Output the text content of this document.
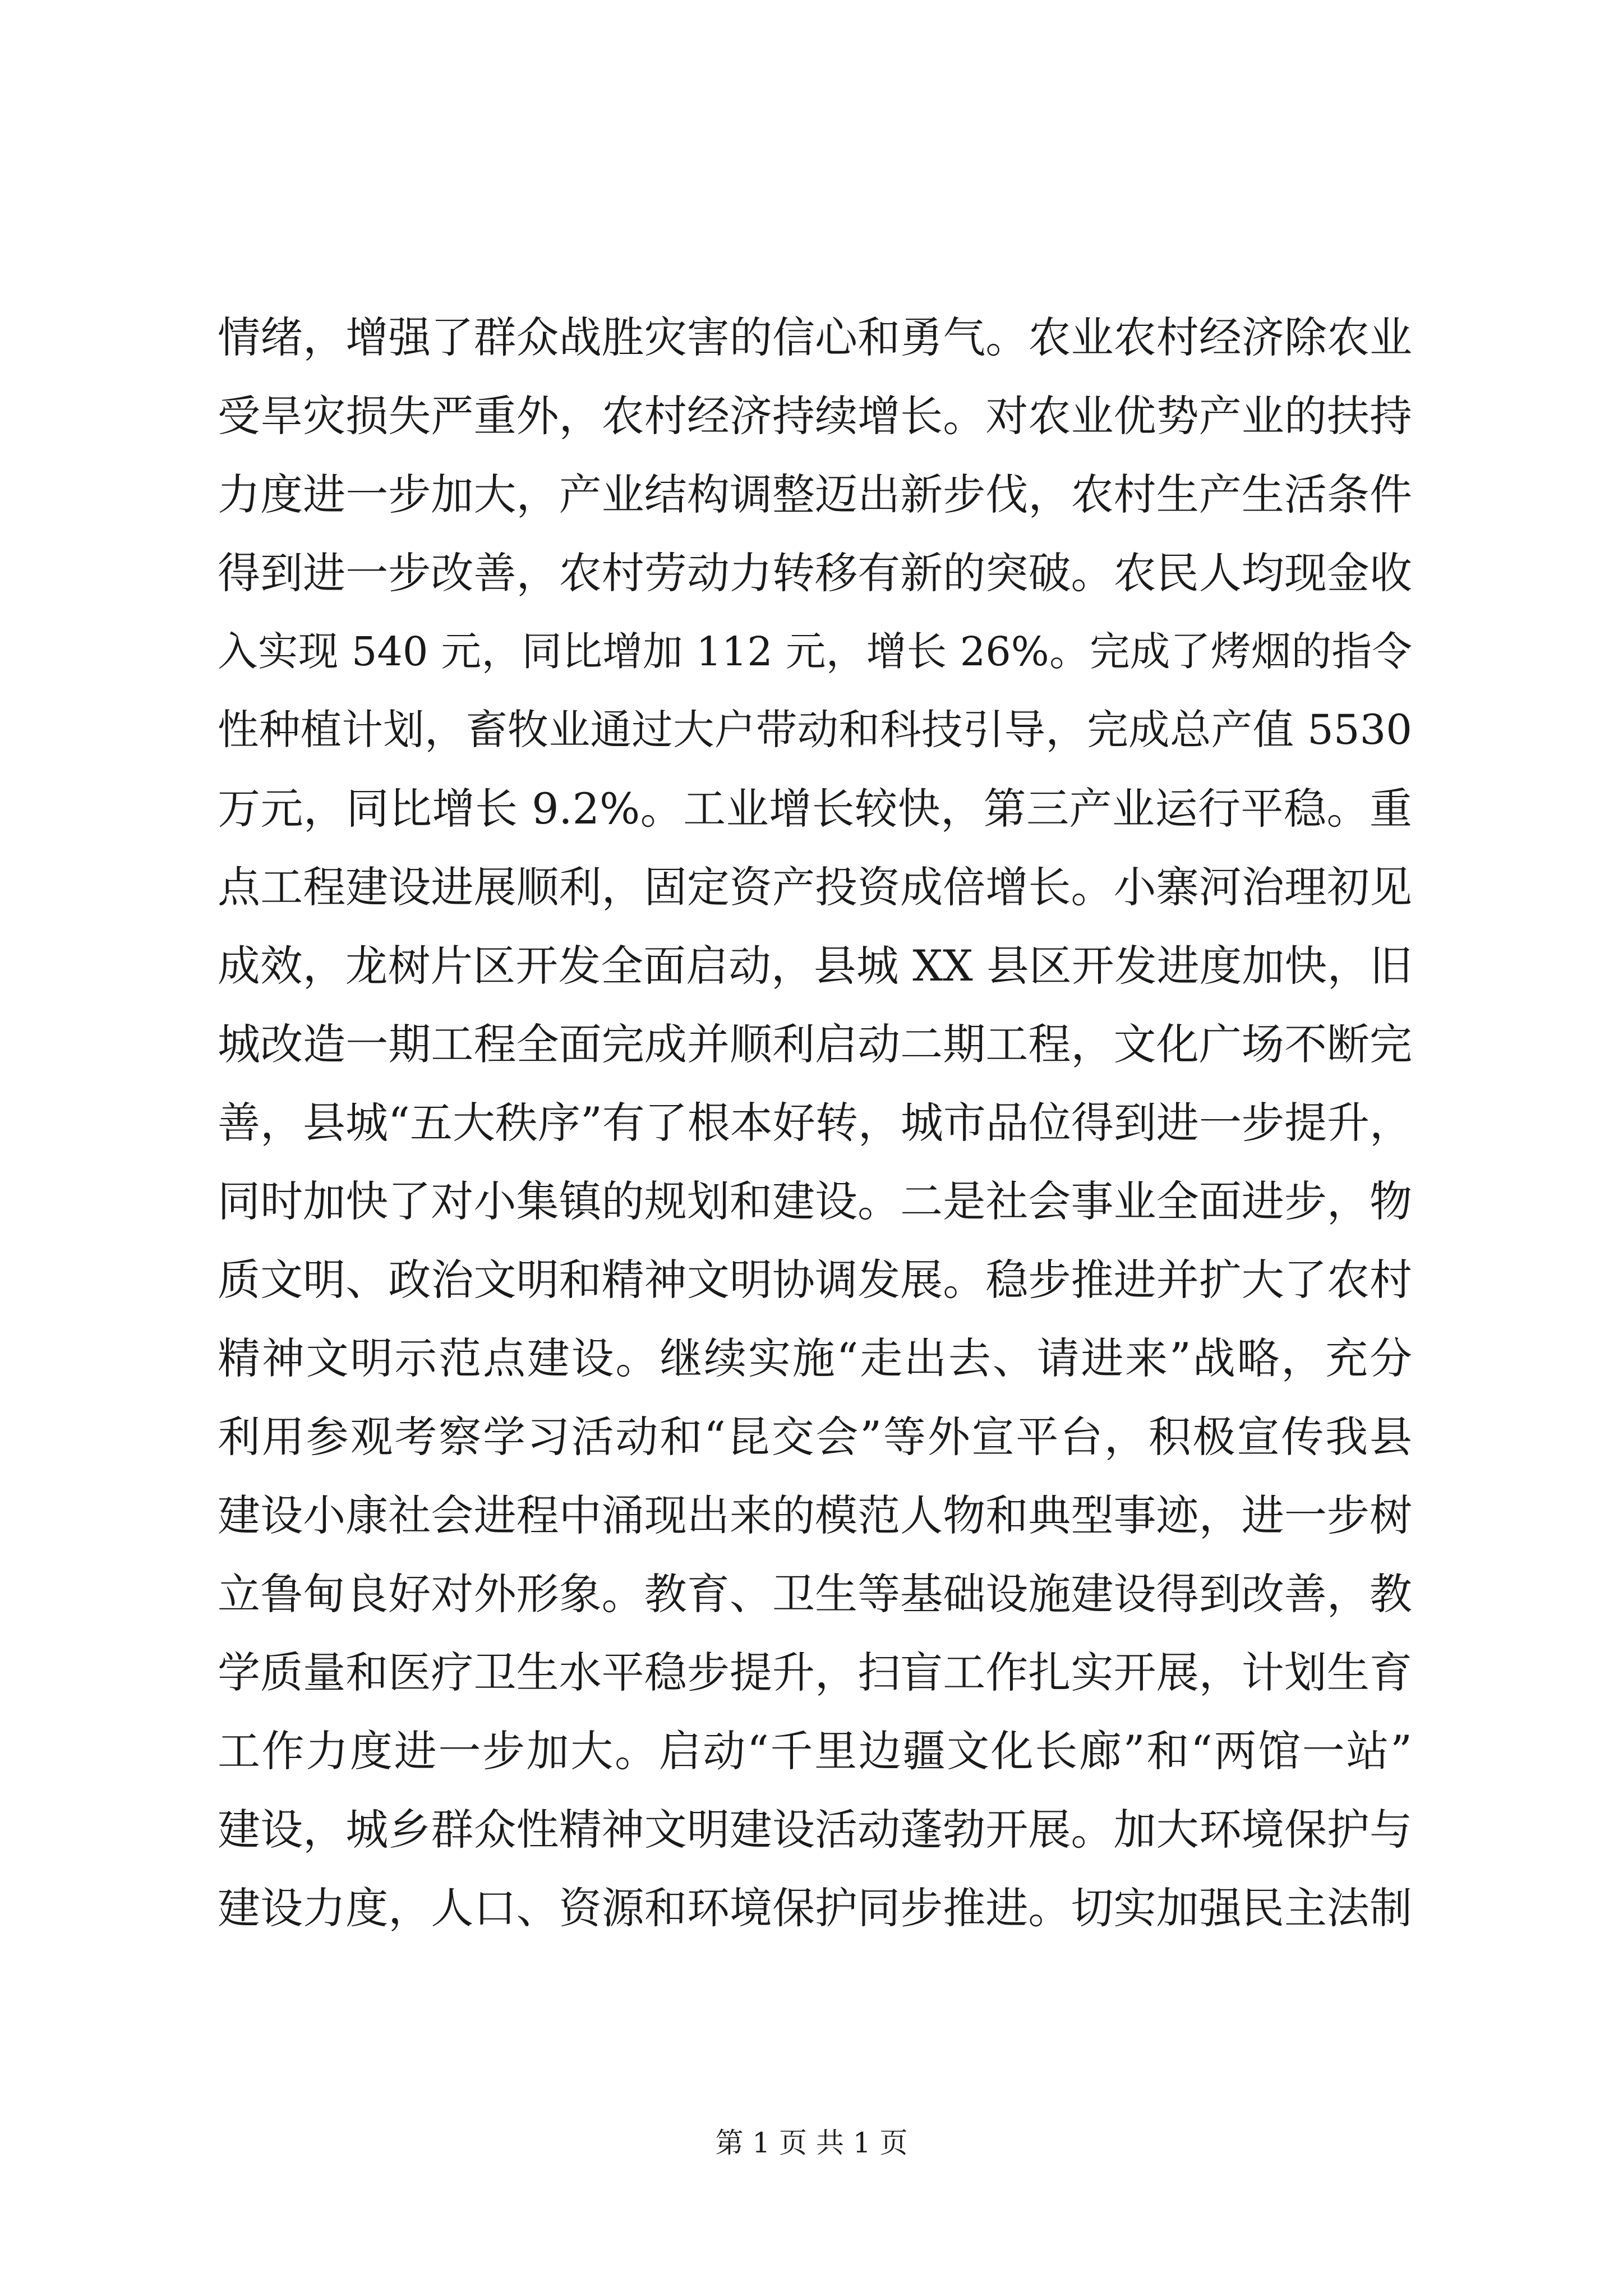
情绪，增强了群众战胜灾害的信心和勇气。农业农村经济除农业
受旱灾损失严重外，农村经济持续增长。对农业优势产业的扶持
力度进一步加大，产业结构调整迈出新步伐，农村生产生活条件
得到进一步改善，农村劳动力转移有新的突破。农民人均现金收
入实现 540 元，同比增加 112 元，增长 26%。完成了烤烟的指令
性种植计划，畜牧业通过大户带动和科技引导，完成总产值 5530
万元，同比增长 9.2%。工业增长较快，第三产业运行平稳。重
点工程建设进展顺利，固定资产投资成倍增长。小寨河治理初见
成效，龙树片区开发全面启动，县城 XX 县区开发进度加快，旧
城改造一期工程全面完成并顺利启动二期工程，文化广场不断完
善，县城“五大秩序”有了根本好转，城市品位得到进一步提升，
同时加快了对小集镇的规划和建设。二是社会事业全面进步，物
质文明、政治文明和精神文明协调发展。稳步推进并扩大了农村
精神文明示范点建设。继续实施“走出去、请进来”战略，充分
利用参观考察学习活动和“昆交会”等外宣平台，积极宣传我县
建设小康社会进程中涌现出来的模范人物和典型事迹，进一步树
立鲁甸良好对外形象。教育、卫生等基础设施建设得到改善，教
学质量和医疗卫生水平稳步提升，扫盲工作扎实开展，计划生育
工作力度进一步加大。启动“千里边疆文化长廊”和“两馆一站”
建设，城乡群众性精神文明建设活动蓬勃开展。加大环境保护与
建设力度，人口、资源和环境保护同步推进。切实加强民主法制
第 1 页 共 1 页
